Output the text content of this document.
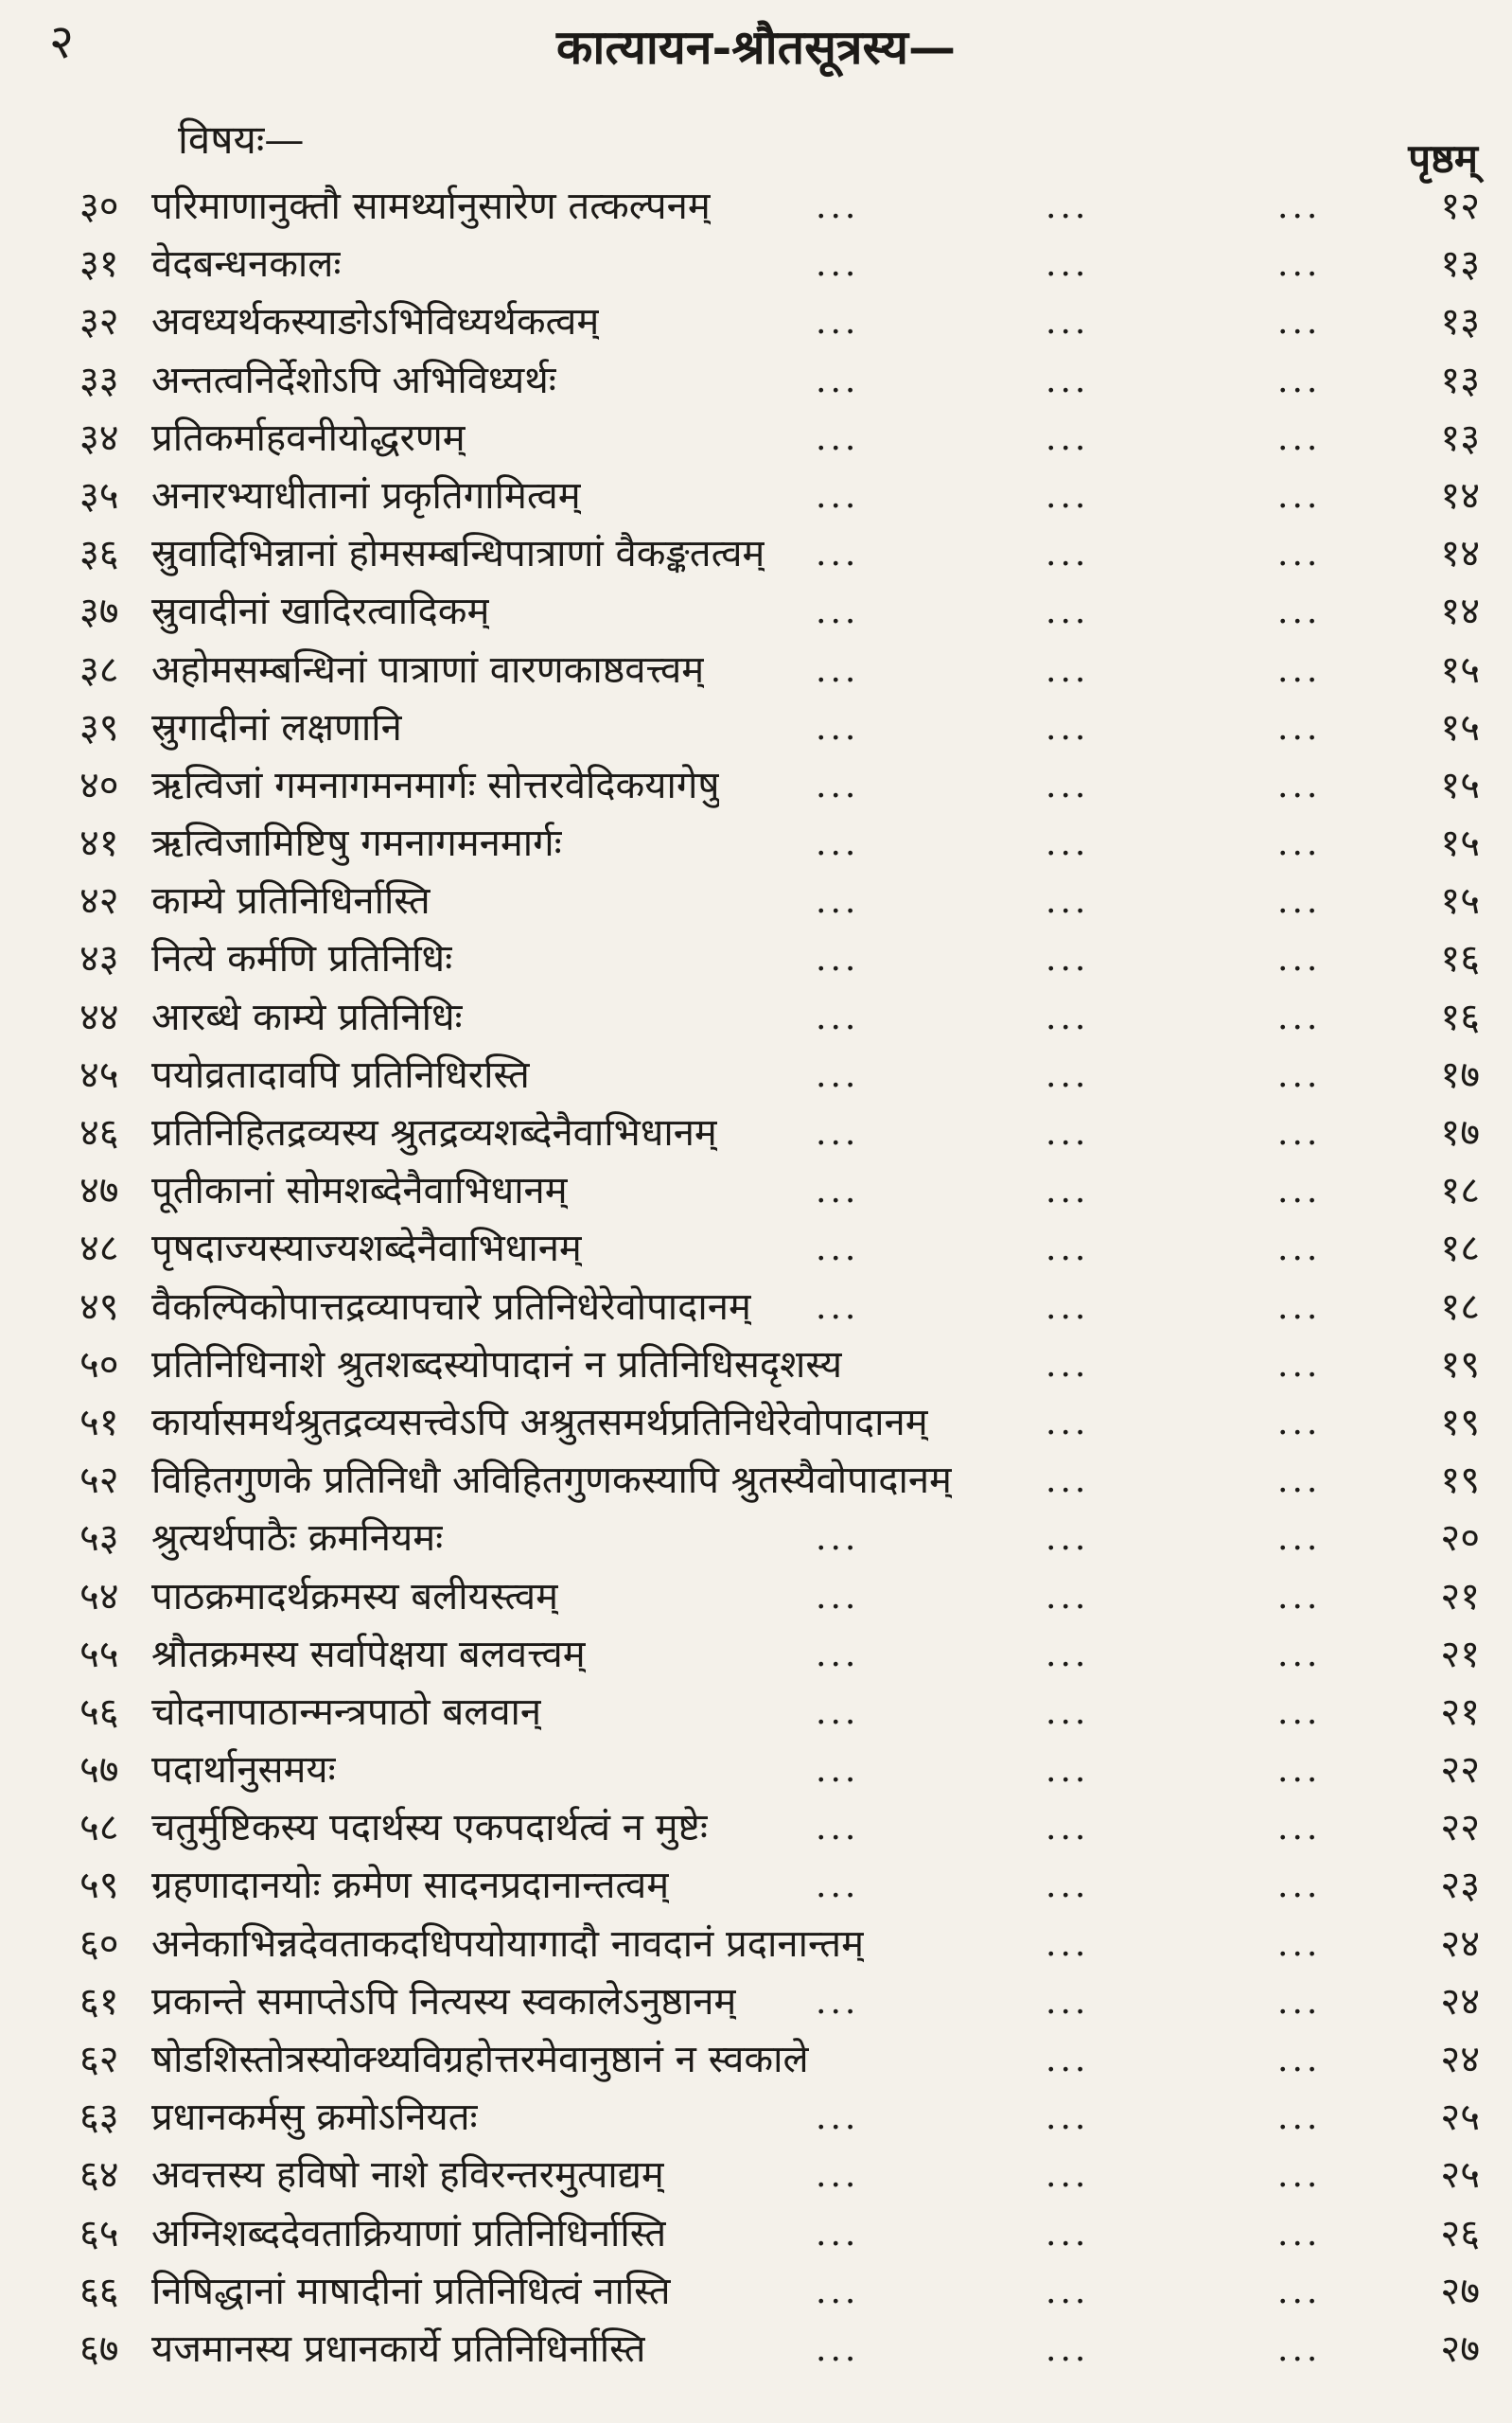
२	कात्यायन-श्रौतसूत्रस्य—
विषयः—	पृष्ठम्
३० परिमाणानुक्तौ सामर्थ्यानुसारेण तत्कल्पनम्	...	...	...	१२
३१ वेदबन्धनकालः	...	...	...	१३
३२ अवध्यर्थकस्याङोऽभिविध्यर्थकत्वम्	...	...	...	१३
३३ अन्तत्वनिर्देशोऽपि अभिविध्यर्थः	...	...	...	१३
३४ प्रतिकर्माहवनीयोद्धरणम्	...	...	...	१३
३५ अनारभ्याधीतानां प्रकृतिगामित्वम्	...	...	...	१४
३६ स्रुवादिभिन्नानां होमसम्बन्धिपात्राणां वैकङ्कतत्वम् ...	...	...	१४
३७ स्रुवादीनां खादिरत्वादिकम्	...	...	...	१४
३८ अहोमसम्बन्धिनां पात्राणां वारणकाष्ठवत्त्वम्	...	...	...	१५
३९ स्रुगादीनां लक्षणानि	...	...	...	१५
४० ऋत्विजां गमनागमनमार्गः सोत्तरवेदिकयागेषु	...	...	...	१५
४१ ऋत्विजामिष्टिषु गमनागमनमार्गः	...	...	...	१५
४२ काम्ये प्रतिनिधिर्नास्ति	...	...	...	१५
४३ नित्ये कर्मणि प्रतिनिधिः	...	...	...	१६
४४ आरब्धे काम्ये प्रतिनिधिः	...	...	...	१६
४५ पयोव्रतादावपि प्रतिनिधिरस्ति	...	...	...	१७
४६ प्रतिनिहितद्रव्यस्य श्रुतद्रव्यशब्देनैवाभिधानम्	...	...	...	१७
४७ पूतीकानां सोमशब्देनैवाभिधानम्	...	...	...	१८
४८ पृषदाज्यस्याज्यशब्देनैवाभिधानम्	...	...	...	१८
४९ वैकल्पिकोपात्तद्रव्यापचारे प्रतिनिधेरेवोपादानम् ...	...	...	१८
५० प्रतिनिधिनाशे श्रुतशब्दस्योपादानं न प्रतिनिधिसदृशस्य	...	...	१९
५१ कार्यासमर्थश्रुतद्रव्यसत्त्वेऽपि अश्रुतसमर्थप्रतिनिधेरेवोपादानम्	...	...	१९
५२ विहितगुणके प्रतिनिधौ अविहितगुणकस्यापि श्रुतस्यैवोपादानम्	...	...	१९
५३ श्रुत्यर्थपाठैः क्रमनियमः	...	...	...	२०
५४ पाठक्रमादर्थक्रमस्य बलीयस्त्वम्	...	...	...	२१
५५ श्रौतक्रमस्य सर्वापेक्षया बलवत्त्वम्	...	...	...	२१
५६ चोदनापाठान्मन्त्रपाठो बलवान्	...	...	...	२१
५७ पदार्थानुसमयः	...	...	...	२२
५८ चतुर्मुष्टिकस्य पदार्थस्य एकपदार्थत्वं न मुष्टेः	...	...	...	२२
५९ ग्रहणादानयोः क्रमेण सादनप्रदानान्तत्वम्	...	...	...	२३
६० अनेकाभिन्नदेवताकदधिपयोयागादौ नावदानं प्रदानान्तम्	...	...	२४
६१ प्रकान्ते समाप्तेऽपि नित्यस्य स्वकालेऽनुष्ठानम् ...	...	...	२४
६२ षोडशिस्तोत्रस्योक्थ्यविग्रहोत्तरमेवानुष्ठानं न स्वकाले	...	...	२४
६३ प्रधानकर्मसु क्रमोऽनियतः	...	...	...	२५
६४ अवत्तस्य हविषो नाशे हविरन्तरमुत्पाद्यम्	...	...	...	२५
६५ अग्निशब्ददेवताक्रियाणां प्रतिनिधिर्नास्ति	...	...	...	२६
६६ निषिद्धानां माषादीनां प्रतिनिधित्वं नास्ति	...	...	...	२७
६७ यजमानस्य प्रधानकार्ये प्रतिनिधिर्नास्ति	...	...	...	२७
